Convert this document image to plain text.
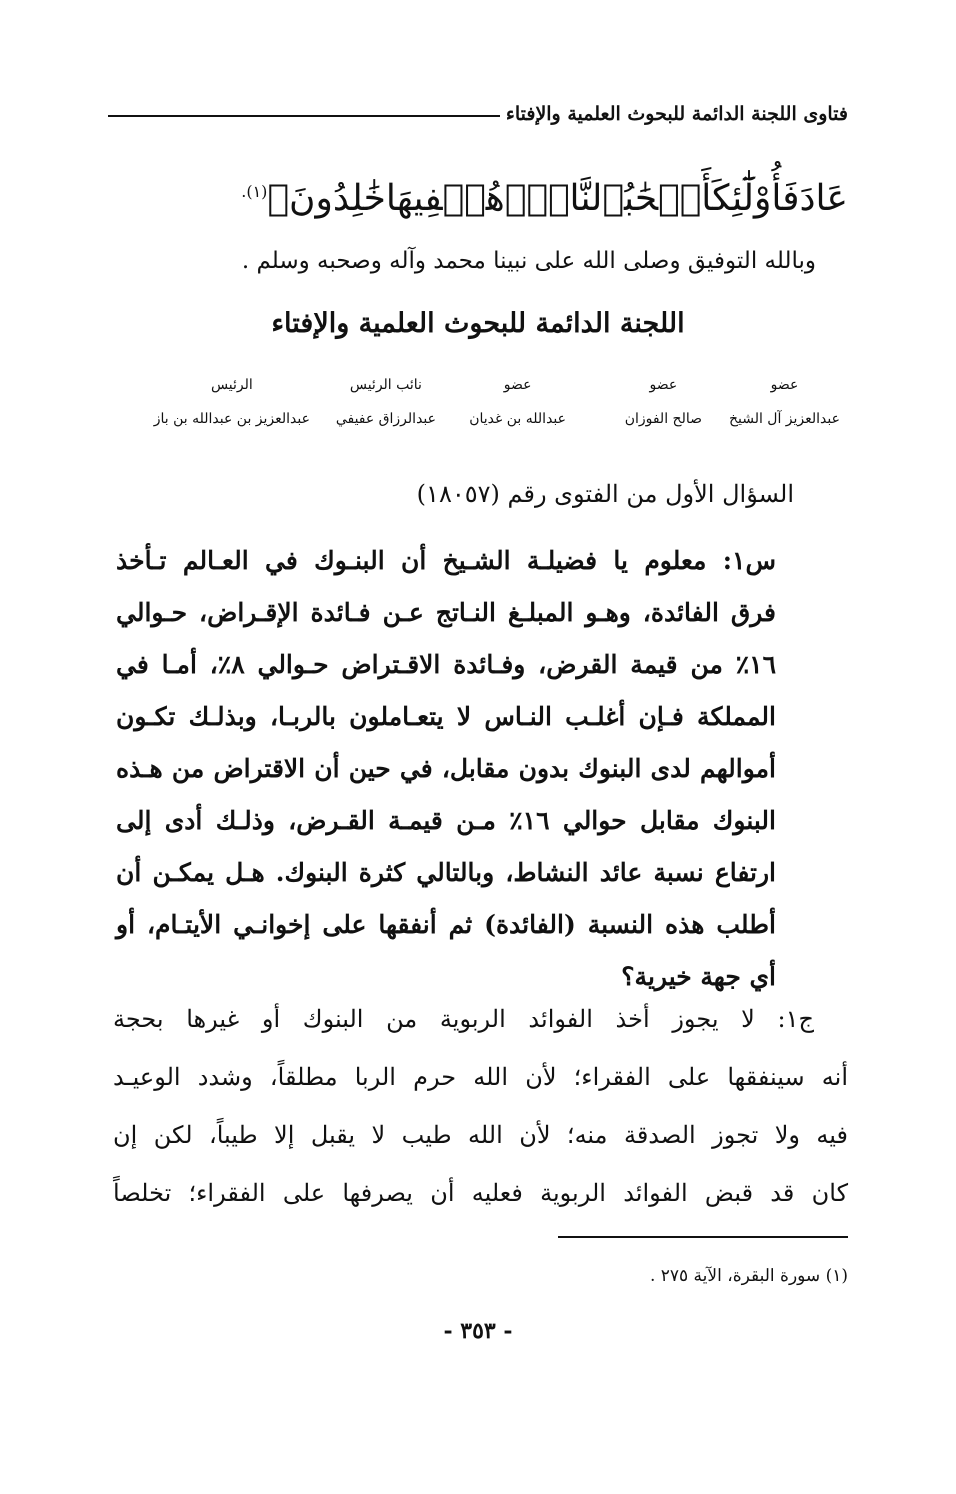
فتاوى اللجنة الدائمة للبحوث العلمية والإفتاء
عَادَفَأُوْلَٰٓئِكَأَصۡحَٰبُٱلنَّارِۖهُمۡفِيهَاخَٰلِدُونَ﴾$^{(١).}$
وبالله التوفيق وصلى الله على نبينا محمد وآله وصحبه وسلم .
اللجنة الدائمة للبحوث العلمية والإفتاء
عضو
عبدالعزيز آل الشيخ
عضو
صالح الفوزان
عضو
عبدالله بن غديان
نائب الرئيس
عبدالرزاق عفيفي
الرئيس
عبدالعزيز بن عبدالله بن باز
السؤال الأول من الفتوى رقم (١٨٠٥٧)
س١: معلوم يا فضيلـة الشـيخ أن البنـوك في العـالم تـأخذ
فرق الفائدة، وهـو المبلـغ النـاتج عـن فـائدة الإقـراض، حـوالي
١٦٪ من قيمة القرض، وفـائدة الاقـتراض حـوالي ٨٪، أمـا في
المملكة فـإن أغلـب النـاس لا يتعـاملون بالربـا، وبذلـك تكـون
أموالهم لدى البنوك بدون مقابل، في حين أن الاقتراض من هـذه
البنوك مقابل حوالي ١٦٪ مـن قيمـة القـرض، وذلـك أدى إلى
ارتفاع نسبة عائد النشاط، وبالتالي كثرة البنوك. هـل يمكـن أن
أطلب هذه النسبة (الفائدة) ثم أنفقها على إخوانـي الأيتـام، أو
أي جهة خيرية؟
ج١: لا يجوز أخذ الفوائد الربوية من البنوك أو غيرها بحجة
أنه سينفقها على الفقراء؛ لأن الله حرم الربا مطلقاً، وشدد الوعيـد
فيه ولا تجوز الصدقة منه؛ لأن الله طيب لا يقبل إلا طيباً، لكن إن
كان قد قبض الفوائد الربوية فعليه أن يصرفها على الفقراء؛ تخلصاً
(١) سورة البقرة، الآية ٢٧٥ .
- ٣٥٣ -
